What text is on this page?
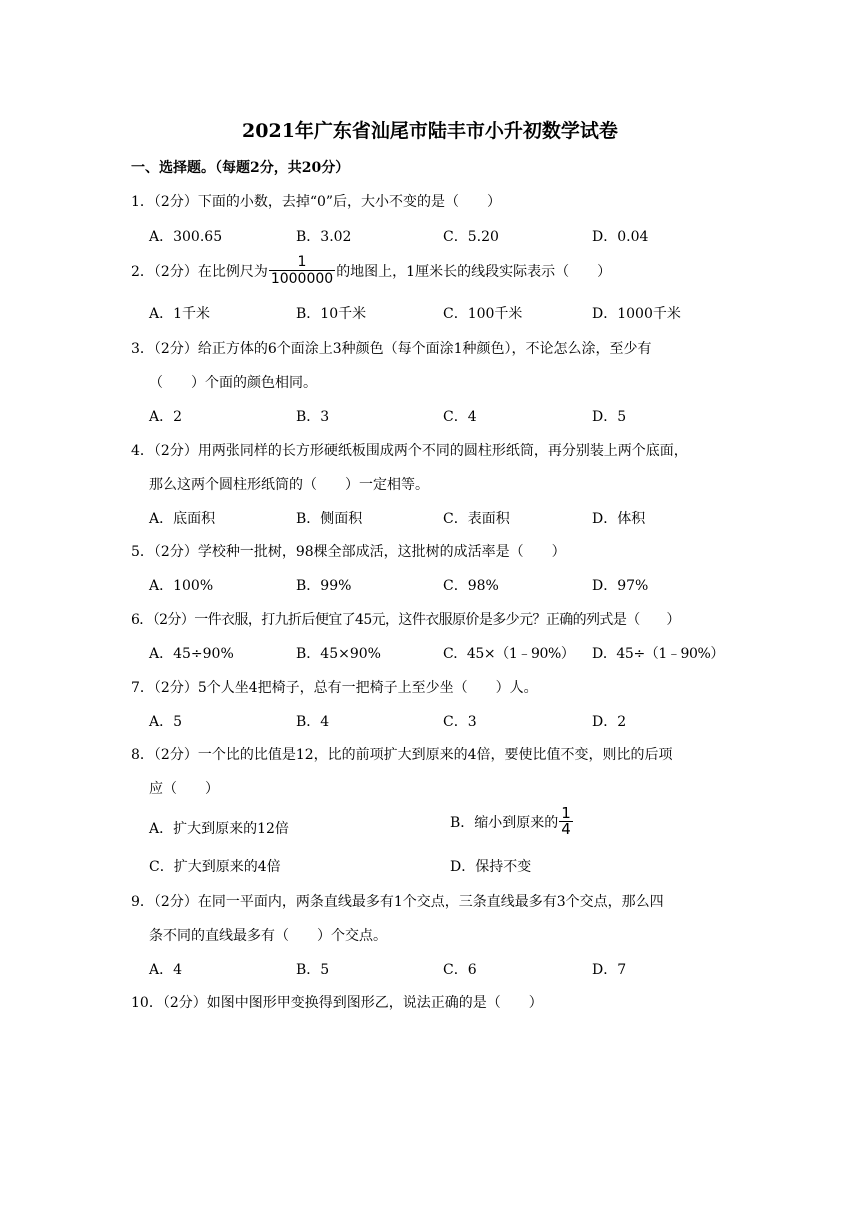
2021年广东省汕尾市陆丰市小升初数学试卷
一、选择题。（每题2分，共20分）
1．（2分）下面的小数，去掉“0”后，大小不变的是（　　）
A．300.65	B．3.02	C．5.20	D．0.04
2．（2分）在比例尺为 $\frac{1}{1000000}$ 的地图上，1厘米长的线段实际表示（　　）
A．1千米	B．10千米	C．100千米	D．1000千米
3．（2分）给正方体的6个面涂上3种颜色（每个面涂1种颜色），不论怎么涂，至少有
（　　）个面的颜色相同。
A．2	B．3	C．4	D．5
4．（2分）用两张同样的长方形硬纸板围成两个不同的圆柱形纸筒，再分别装上两个底面，
那么这两个圆柱形纸筒的（　　）一定相等。
A．底面积	B．侧面积	C．表面积	D．体积
5．（2分）学校种一批树，98棵全部成活，这批树的成活率是（　　）
A．100%	B．99%	C．98%	D．97%
6．（2分）一件衣服，打九折后便宜了45元，这件衣服原价是多少元？正确的列式是（　　）
A．45÷90%	B．45×90%	C．45×（1﹣90%） D．45÷（1﹣90%）
7．（2分）5个人坐4把椅子，总有一把椅子上至少坐（　　）人。
A．5	B．4	C．3	D．2
8．（2分）一个比的比值是12，比的前项扩大到原来的4倍，要使比值不变，则比的后项
应（　　）
A．扩大到原来的12倍	B．缩小到原来的 $\frac{1}{4}$
C．扩大到原来的4倍	D．保持不变
9．（2分）在同一平面内，两条直线最多有1个交点，三条直线最多有3个交点，那么四
条不同的直线最多有（　　）个交点。
A．4	B．5	C．6	D．7
10．（2分）如图中图形甲变换得到图形乙，说法正确的是（　　）
